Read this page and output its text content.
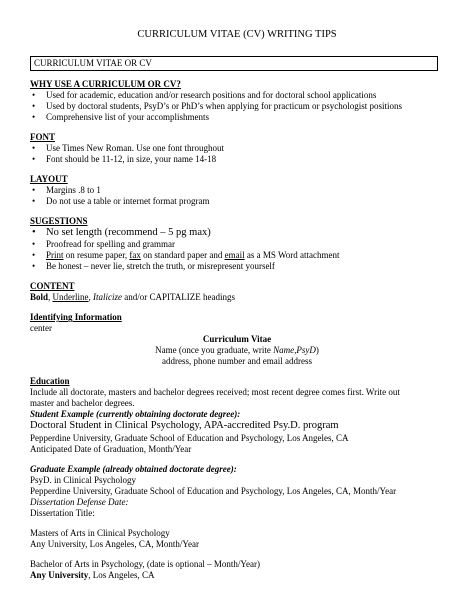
CURRICULUM VITAE (CV) WRITING TIPS
CURRICULUM VITAE OR CV

WHY USE A CURRICULUM OR CV?

• Used for academic, education and/or research positions and for doctoral school applications
• Used by doctoral students, PsyD’s or PhD’s when applying for practicum or psychologist positions
• Comprehensive list of your accomplishments

FONT

• Use Times New Roman. Use one font throughout
• Font should be 11-12, in size, your name 14-18

LAYOUT

• Margins .8 to 1
• Do not use a table or internet format program

SUGESTIONS

• No set length (recommend – 5 pg max)
• Proofread for spelling and grammar
• Print on resume paper, fax on standard paper and email as a MS Word attachment
• Be honest – never lie, stretch the truth, or misrepresent yourself

CONTENT

Bold, Underline, Italicize and/or CAPITALIZE headings

Identifying Information

center

Curriculum Vitae

Name (once you graduate, write Name,PsyD)

address, phone number and email address

Education

Include all doctorate, masters and bachelor degrees received; most recent degree comes first. Write out

master and bachelor degrees.

Student Example (currently obtaining doctorate degree):

Doctoral Student in Clinical Psychology, APA-accredited Psy.D. program

Pepperdine University, Graduate School of Education and Psychology, Los Angeles, CA

Anticipated Date of Graduation, Month/Year

Graduate Example (already obtained doctorate degree):

PsyD. in Clinical Psychology

Pepperdine University, Graduate School of Education and Psychology, Los Angeles, CA, Month/Year

Dissertation Defense Date:

Dissertation Title:

Masters of Arts in Clinical Psychology

Any University, Los Angeles, CA, Month/Year

Bachelor of Arts in Psychology, (date is optional – Month/Year)

Any University, Los Angeles, CA
